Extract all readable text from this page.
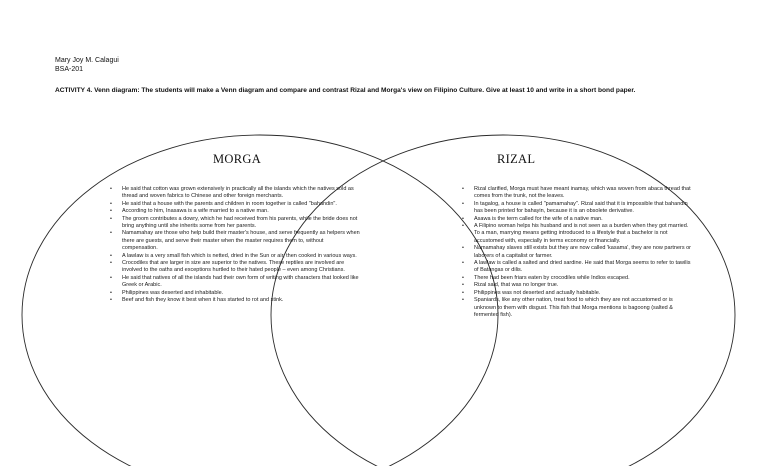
Mary Joy M. Calagui
BSA-201
ACTIVITY 4. Venn diagram: The students will make a Venn diagram and compare and contrast Rizal and Morga's view on Filipino Culture. Give at least 10 and write in a short bond paper.
MORGA	RIZAL
• He said that cotton was grown extensively in practically all the islands which the natives sold as thread and woven fabrics to Chinese and other foreign merchants.
• He said that a house with the parents and children in room together is called "bahandin".
• According to him, Inasawa is a wife married to a native man.
• The groom contributes a dowry, which he had received from his parents, while the bride does not bring anything until she inherits some from her parents.
• Namamahay are those who help build their master's house, and serve frequently as helpers when there are guests, and serve their master when the master requires them to, without compensation.
• A lawlaw is a very small fish which is netted, dried in the Sun or air, then cooked in various ways.
• Crocodiles that are larger in size are superior to the natives. These reptiles are involved are involved to the oaths and exceptions hurtled to their hated people – even among Christians.
• He said that natives of all the islands had their own form of writing with characters that looked like Greek or Arabic.
• Philippines was deserted and inhabitable.
• Beef and fish they know it best when it has started to rot and stink.
• Rizal clarified, Morga must have meant inamay, which was woven from abaca thread that comes from the trunk, not the leaves.
• In tagalog, a house is called "pamamahay". Rizal said that it is impossible that bahandin has been printed for bahayin, because it is an obsolete derivative.
• Asawa is the term called for the wife of a native man.
• A Filipino woman helps his husband and is not seen as a burden when they got married. To a man, marrying means getting introduced to a lifestyle that a bachelor is not accustomed with, especially in terms economy or financially.
• Namamahay slaves still exists but they are now called 'kasama', they are now partners or laborers of a capitalist or farmer.
• A lawlaw is called a salted and dried sardine. He said that Morga seems to refer to tawilis of Batangas or dilis.
• There had been friars eaten by crocodiles while Indios escaped.
• Rizal said, that was no longer true.
• Philippines was not deserted and actually habitable.
• Spaniards, like any other nation, treat food to which they are not accustomed or is unknown to them with disgust. This fish that Morga mentions is bagoong (salted & fermented fish).
